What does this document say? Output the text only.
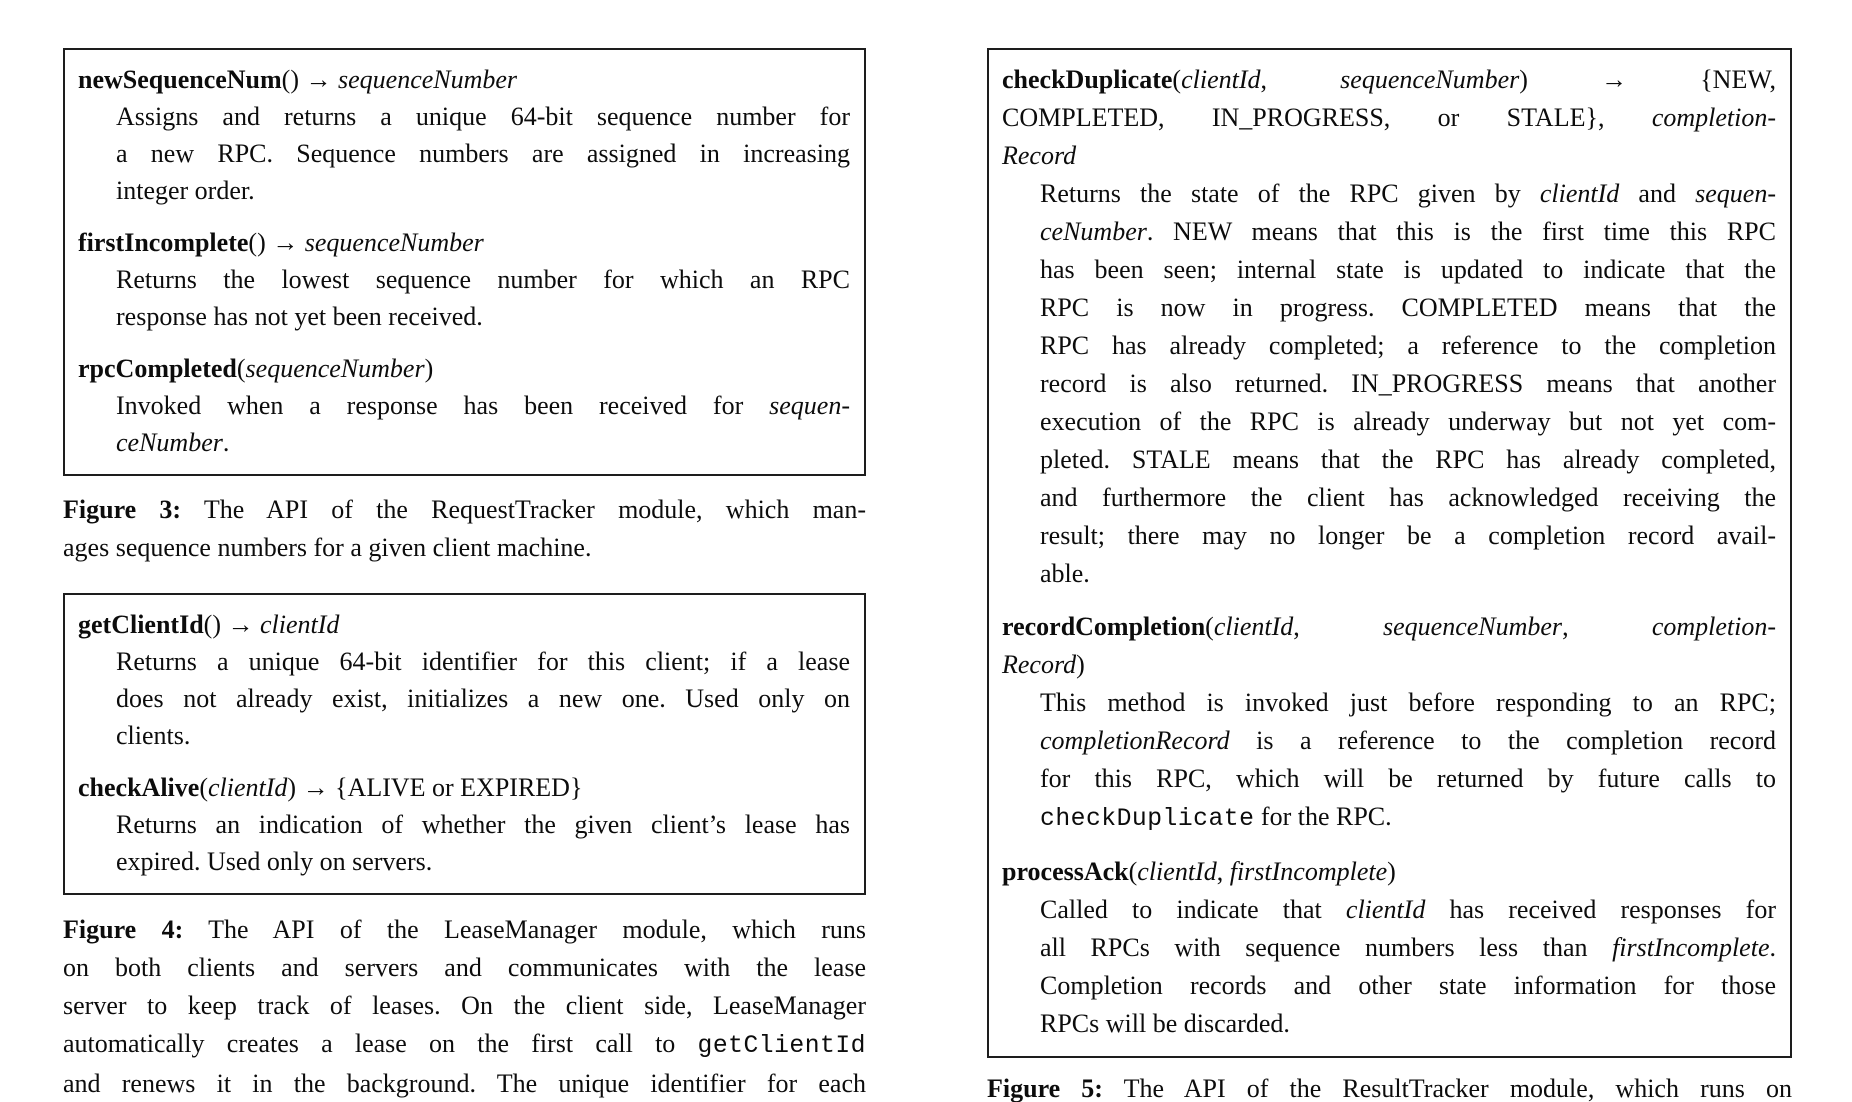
newSequenceNum() → sequenceNumber
Assigns and returns a unique 64-bit sequence number for
a new RPC. Sequence numbers are assigned in increasing
integer order.
firstIncomplete() → sequenceNumber
Returns the lowest sequence number for which an RPC
response has not yet been received.
rpcCompleted(sequenceNumber)
Invoked when a response has been received for sequen-
ceNumber.
Figure 3: The API of the RequestTracker module, which man-
ages sequence numbers for a given client machine.
getClientId() → clientId
Returns a unique 64-bit identifier for this client; if a lease
does not already exist, initializes a new one. Used only on
clients.
checkAlive(clientId) → {ALIVE or EXPIRED}
Returns an indication of whether the given client’s lease has
expired. Used only on servers.
Figure 4: The API of the LeaseManager module, which runs
on both clients and servers and communicates with the lease
server to keep track of leases. On the client side, LeaseManager
automatically creates a lease on the first call to getClientId
and renews it in the background. The unique identifier for each
checkDuplicate(clientId, sequenceNumber) → {NEW,
COMPLETED, IN_PROGRESS, or STALE}, completion-
Record
Returns the state of the RPC given by clientId and sequen-
ceNumber. NEW means that this is the first time this RPC
has been seen; internal state is updated to indicate that the
RPC is now in progress. COMPLETED means that the
RPC has already completed; a reference to the completion
record is also returned. IN_PROGRESS means that another
execution of the RPC is already underway but not yet com-
pleted. STALE means that the RPC has already completed,
and furthermore the client has acknowledged receiving the
result; there may no longer be a completion record avail-
able.
recordCompletion(clientId, sequenceNumber, completion-
Record)
This method is invoked just before responding to an RPC;
completionRecord is a reference to the completion record
for this RPC, which will be returned by future calls to
checkDuplicate for the RPC.
processAck(clientId, firstIncomplete)
Called to indicate that clientId has received responses for
all RPCs with sequence numbers less than firstIncomplete.
Completion records and other state information for those
RPCs will be discarded.
Figure 5: The API of the ResultTracker module, which runs on
